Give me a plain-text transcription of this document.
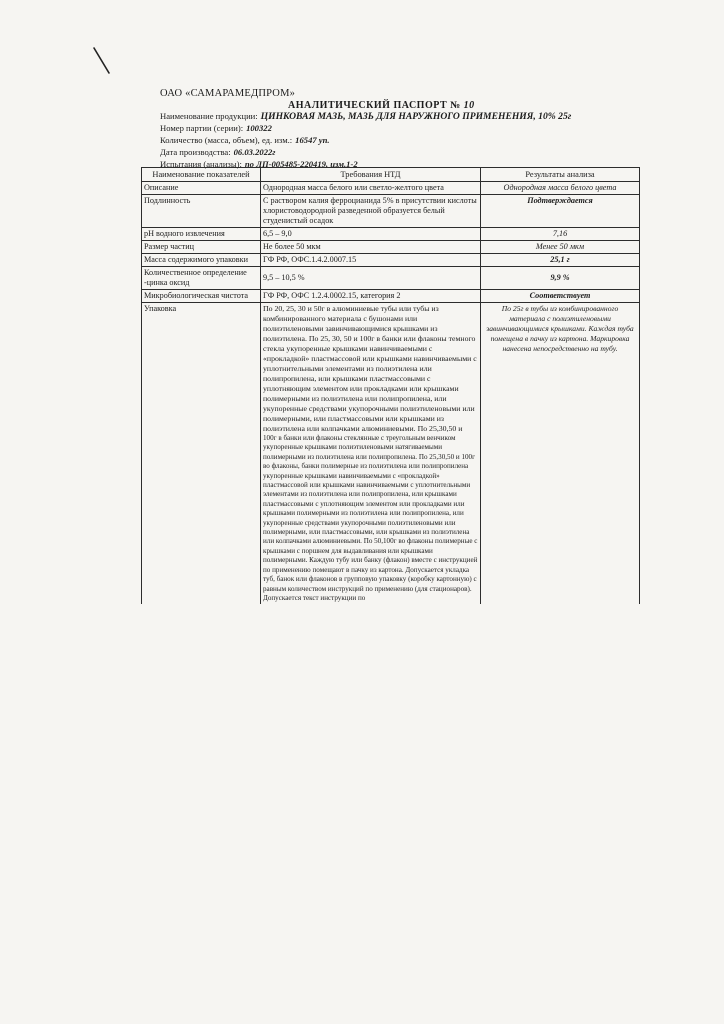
ОАО «САМАРАМЕДПРОМ»
АНАЛИТИЧЕСКИЙ ПАСПОРТ № 10
Наименование продукции: ЦИНКОВАЯ МАЗЬ, МАЗЬ ДЛЯ НАРУЖНОГО ПРИМЕНЕНИЯ, 10% 25г
Номер партии (серии): 100322
Количество (масса, объем), ед. изм.: 16547 уп.
Дата производства: 06.03.2022г
Испытания (анализы): по ЛП-005485-220419, изм.1-2
Наименование показателей	Требования НТД	Результаты анализа
Описание	Однородная масса белого или светло-желтого цвета	Однородная масса белого цвета
Подлинность	С раствором калия ферроцианида 5% в присутствии кислоты хлористоводородной разведенной образуется белый студенистый осадок	Подтверждается
pH водного извлечения	6,5 – 9,0	7,16
Размер частиц	Не более 50 мкм	Менее 50 мкм
Масса содержимого упаковки	ГФ РФ, ОФС.1.4.2.0007.15	25,1 г
Количественное определение -цинка оксид	9,5 – 10,5 %	9,9 %
Микробиологическая чистота	ГФ РФ, ОФС 1.2.4.0002.15, категория 2	Соответствует
Упаковка	По 20, 25, 30 и 50г в алюминиевые тубы или тубы из комбинированного материала с бушонами или полиэтиленовыми завинчивающимися крышками из полиэтилена. По 25, 30, 50 и 100г в банки или флаконы темного стекла укупоренные крышками навинчиваемыми с «прокладкой» пластмассовой или крышками навинчиваемыми с уплотнительными элементами из полиэтилена или полипропилена, или крышками пластмассовыми с уплотняющим элементом или прокладками или крышками полимерными из полиэтилена или полипропилена, или укупоренные средствами укупорочными полиэтиленовыми или полимерными, или пластмассовыми или крышками из полиэтилена или колпачками алюминиевыми. По 25,30,50 и
100г в банки или флаконы стеклянные с треугольным венчиком укупоренные крышками полиэтиленовыми натягиваемыми полимерными из полиэтилена или полипропилена. По 25,30,50 и 100г во флаконы, банки полимерные из полиэтилена или полипропилена укупоренные крышками навинчиваемыми с «прокладкой» пластмассовой или крышками навинчиваемыми с уплотнительными элементами из полиэтилена или полипропилена, или крышками пластмассовыми с уплотняющим элементом или прокладками или крышками полимерными из полиэтилена или полипропилена, или укупоренные средствами укупорочными полиэтиленовыми или полимерными, или пластмассовыми, или крышками из полиэтилена или колпачками алюминиевыми. По 50,100г во флаконы полимерные с крышками с поршнем для выдавливания или крышками полимерными. Каждую тубу или банку (флакон) вместе с инструкцией по применению помещают в пачку из картона. Допускается укладка туб, банок или флаконов в групповую упаковку (коробку картонную) с равным количеством инструкций по применению (для стационаров). Допускается текст инструкции по	По 25г в тубы из комбинированного материала с полиэтиленовыми завинчивающимися крышками. Каждая туба помещена в пачку из картона. Маркировка нанесена непосредственно на тубу.
